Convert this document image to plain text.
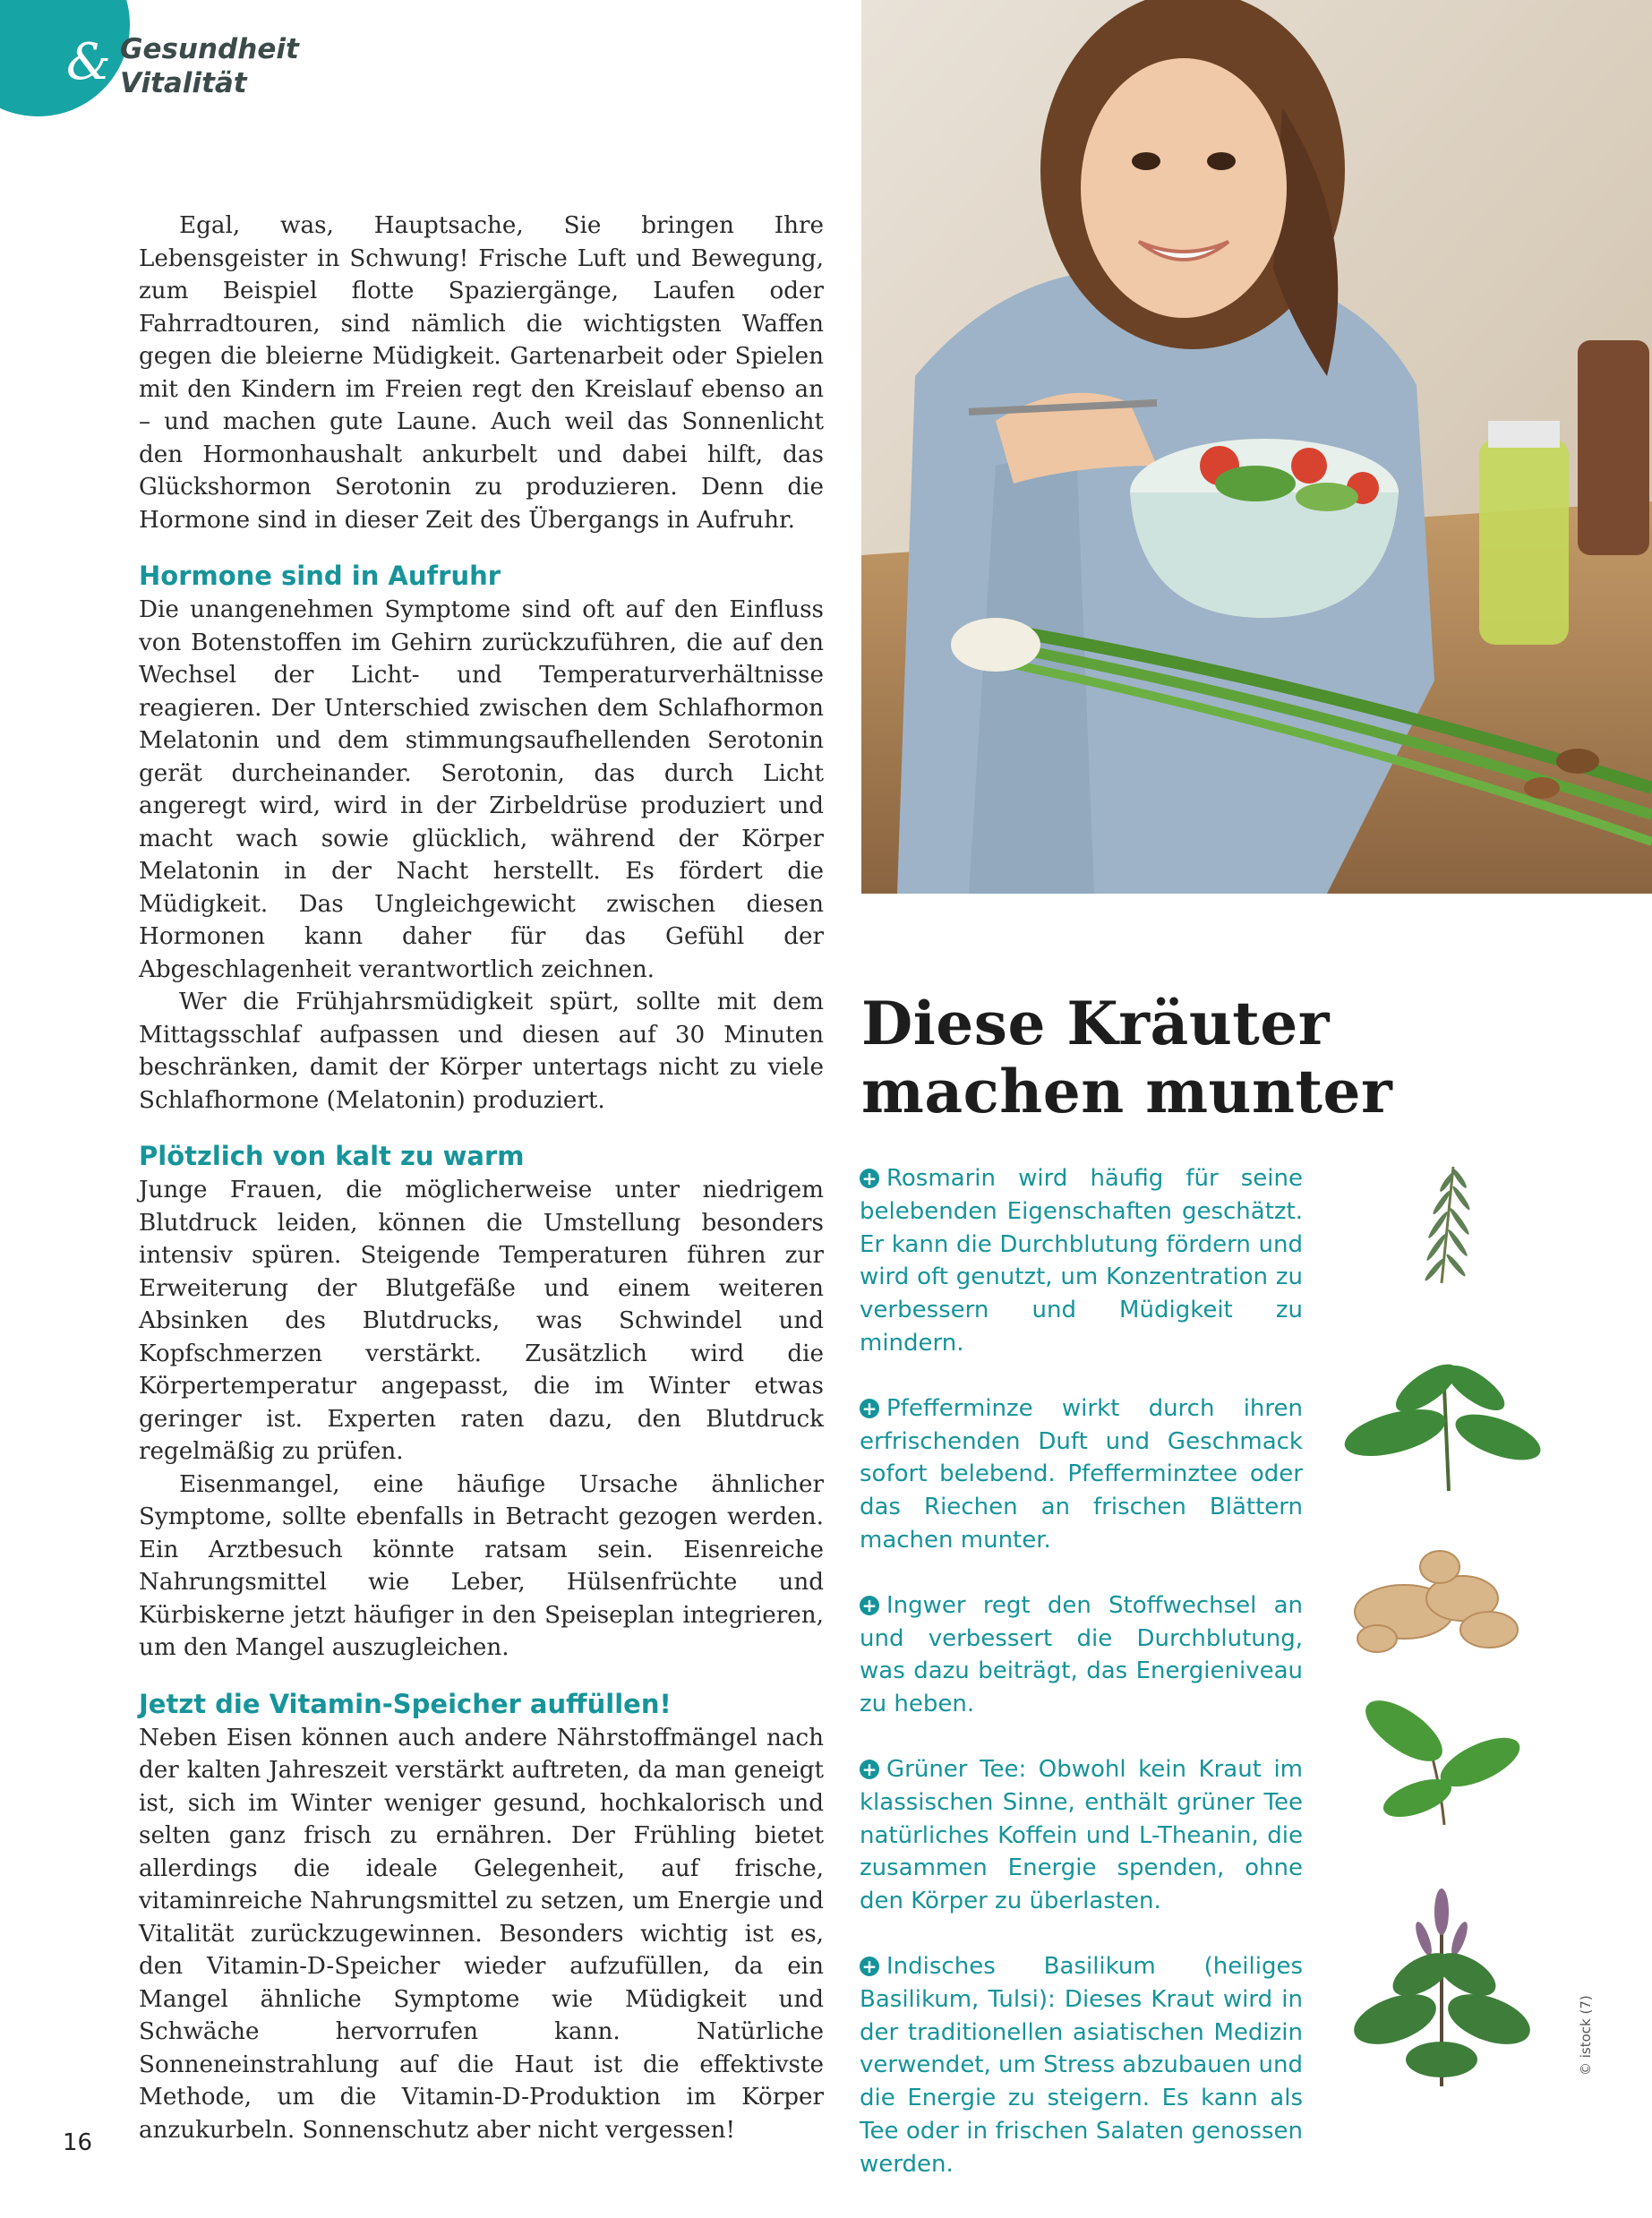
& Gesundheit
Vitalität

Egal, was, Hauptsache, Sie bringen Ihre Lebensgeister in Schwung! Frische Luft und Bewegung, zum Beispiel flotte Spaziergänge, Laufen oder Fahrradtouren, sind nämlich die wichtigsten Waffen gegen die bleierne Müdigkeit. Gartenarbeit oder Spielen mit den Kindern im Freien regt den Kreislauf ebenso an – und machen gute Laune. Auch weil das Sonnenlicht den Hormonhaushalt ankurbelt und dabei hilft, das Glückshormon Serotonin zu produzieren. Denn die Hormone sind in dieser Zeit des Übergangs in Aufruhr.

Hormone sind in Aufruhr

Die unangenehmen Symptome sind oft auf den Einfluss von Botenstoffen im Gehirn zurückzuführen, die auf den Wechsel der Licht- und Temperaturverhältnisse reagieren. Der Unterschied zwischen dem Schlafhormon Melatonin und dem stimmungsaufhellenden Serotonin gerät durcheinander. Serotonin, das durch Licht angeregt wird, wird in der Zirbeldrüse produziert und macht wach sowie glücklich, während der Körper Melatonin in der Nacht herstellt. Es fördert die Müdigkeit. Das Ungleichgewicht zwischen diesen Hormonen kann daher für das Gefühl der Abgeschlagenheit verantwortlich zeichnen.

Wer die Frühjahrsmüdigkeit spürt, sollte mit dem Mittagsschlaf aufpassen und diesen auf 30 Minuten beschränken, damit der Körper untertags nicht zu viele Schlafhormone (Melatonin) produziert.

Plötzlich von kalt zu warm

Junge Frauen, die möglicherweise unter niedrigem Blutdruck leiden, können die Umstellung besonders intensiv spüren. Steigende Temperaturen führen zur Erweiterung der Blutgefäße und einem weiteren Absinken des Blutdrucks, was Schwindel und Kopfschmerzen verstärkt. Zusätzlich wird die Körpertemperatur angepasst, die im Winter etwas geringer ist. Experten raten dazu, den Blutdruck regelmäßig zu prüfen.

Eisenmangel, eine häufige Ursache ähnlicher Symptome, sollte ebenfalls in Betracht gezogen werden. Ein Arztbesuch könnte ratsam sein. Eisenreiche Nahrungsmittel wie Leber, Hülsenfrüchte und Kürbiskerne jetzt häufiger in den Speiseplan integrieren, um den Mangel auszugleichen.

Jetzt die Vitamin-Speicher auffüllen!

Neben Eisen können auch andere Nährstoffmängel nach der kalten Jahreszeit verstärkt auftreten, da man geneigt ist, sich im Winter weniger gesund, hochkalorisch und selten ganz frisch zu ernähren. Der Frühling bietet allerdings die ideale Gelegenheit, auf frische, vitaminreiche Nahrungsmittel zu setzen, um Energie und Vitalität zurückzugewinnen. Besonders wichtig ist es, den Vitamin-D-Speicher wieder aufzufüllen, da ein Mangel ähnliche Symptome wie Müdigkeit und Schwäche hervorrufen kann. Natürliche Sonneneinstrahlung auf die Haut ist die effektivste Methode, um die Vitamin-D-Produktion im Körper anzukurbeln. Sonnenschutz aber nicht vergessen!

16
Diese Kräuter
machen munter

+ Rosmarin wird häufig für seine belebenden Eigenschaften geschätzt. Er kann die Durchblutung fördern und wird oft genutzt, um Konzentration zu verbessern und Müdigkeit zu mindern.

+ Pfefferminze wirkt durch ihren erfrischenden Duft und Geschmack sofort belebend. Pfefferminztee oder das Riechen an frischen Blättern machen munter.

+ Ingwer regt den Stoffwechsel an und verbessert die Durchblutung, was dazu beiträgt, das Energieniveau zu heben.

+ Grüner Tee: Obwohl kein Kraut im klassischen Sinne, enthält grüner Tee natürliches Koffein und L-Theanin, die zusammen Energie spenden, ohne den Körper zu überlasten.

+ Indisches Basilikum (heiliges Basilikum, Tulsi): Dieses Kraut wird in der traditionellen asiatischen Medizin verwendet, um Stress abzubauen und die Energie zu steigern. Es kann als Tee oder in frischen Salaten genossen werden.

© istock (7)
